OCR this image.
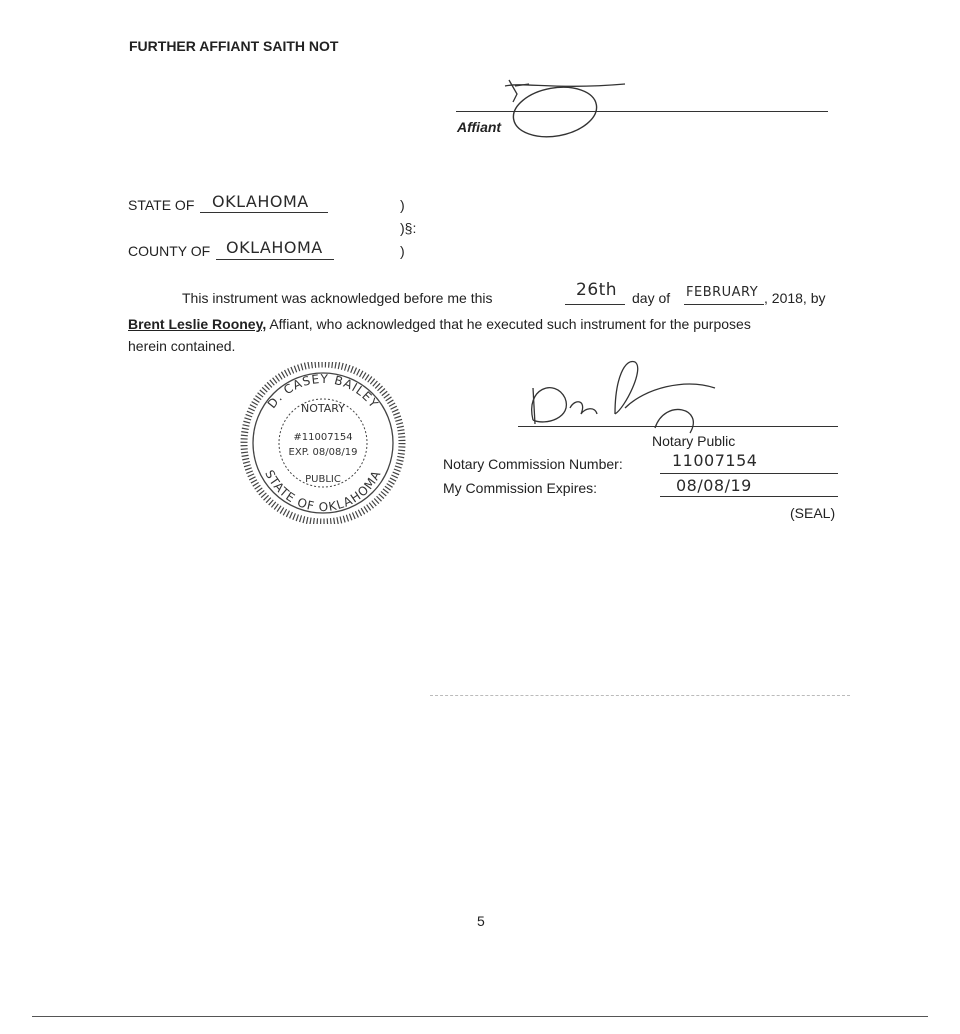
FURTHER AFFIANT SAITH NOT
Affiant
STATE OF OKLAHOMA	)
)§:
)
COUNTY OF OKLAHOMA
This instrument was acknowledged before me this	26th day of FEBRUARY , 2018, by
Brent Leslie Rooney, Affiant, who acknowledged that he executed such instrument for the purposes
herein contained.
D. CASEY BAILEY
STATE OF OKLAHOMA
NOTARY
#11007154
EXP. 08/08/19
PUBLIC
Notary Public
Notary Commission Number:	11007154
My Commission Expires:	08/08/19
(SEAL)
5
